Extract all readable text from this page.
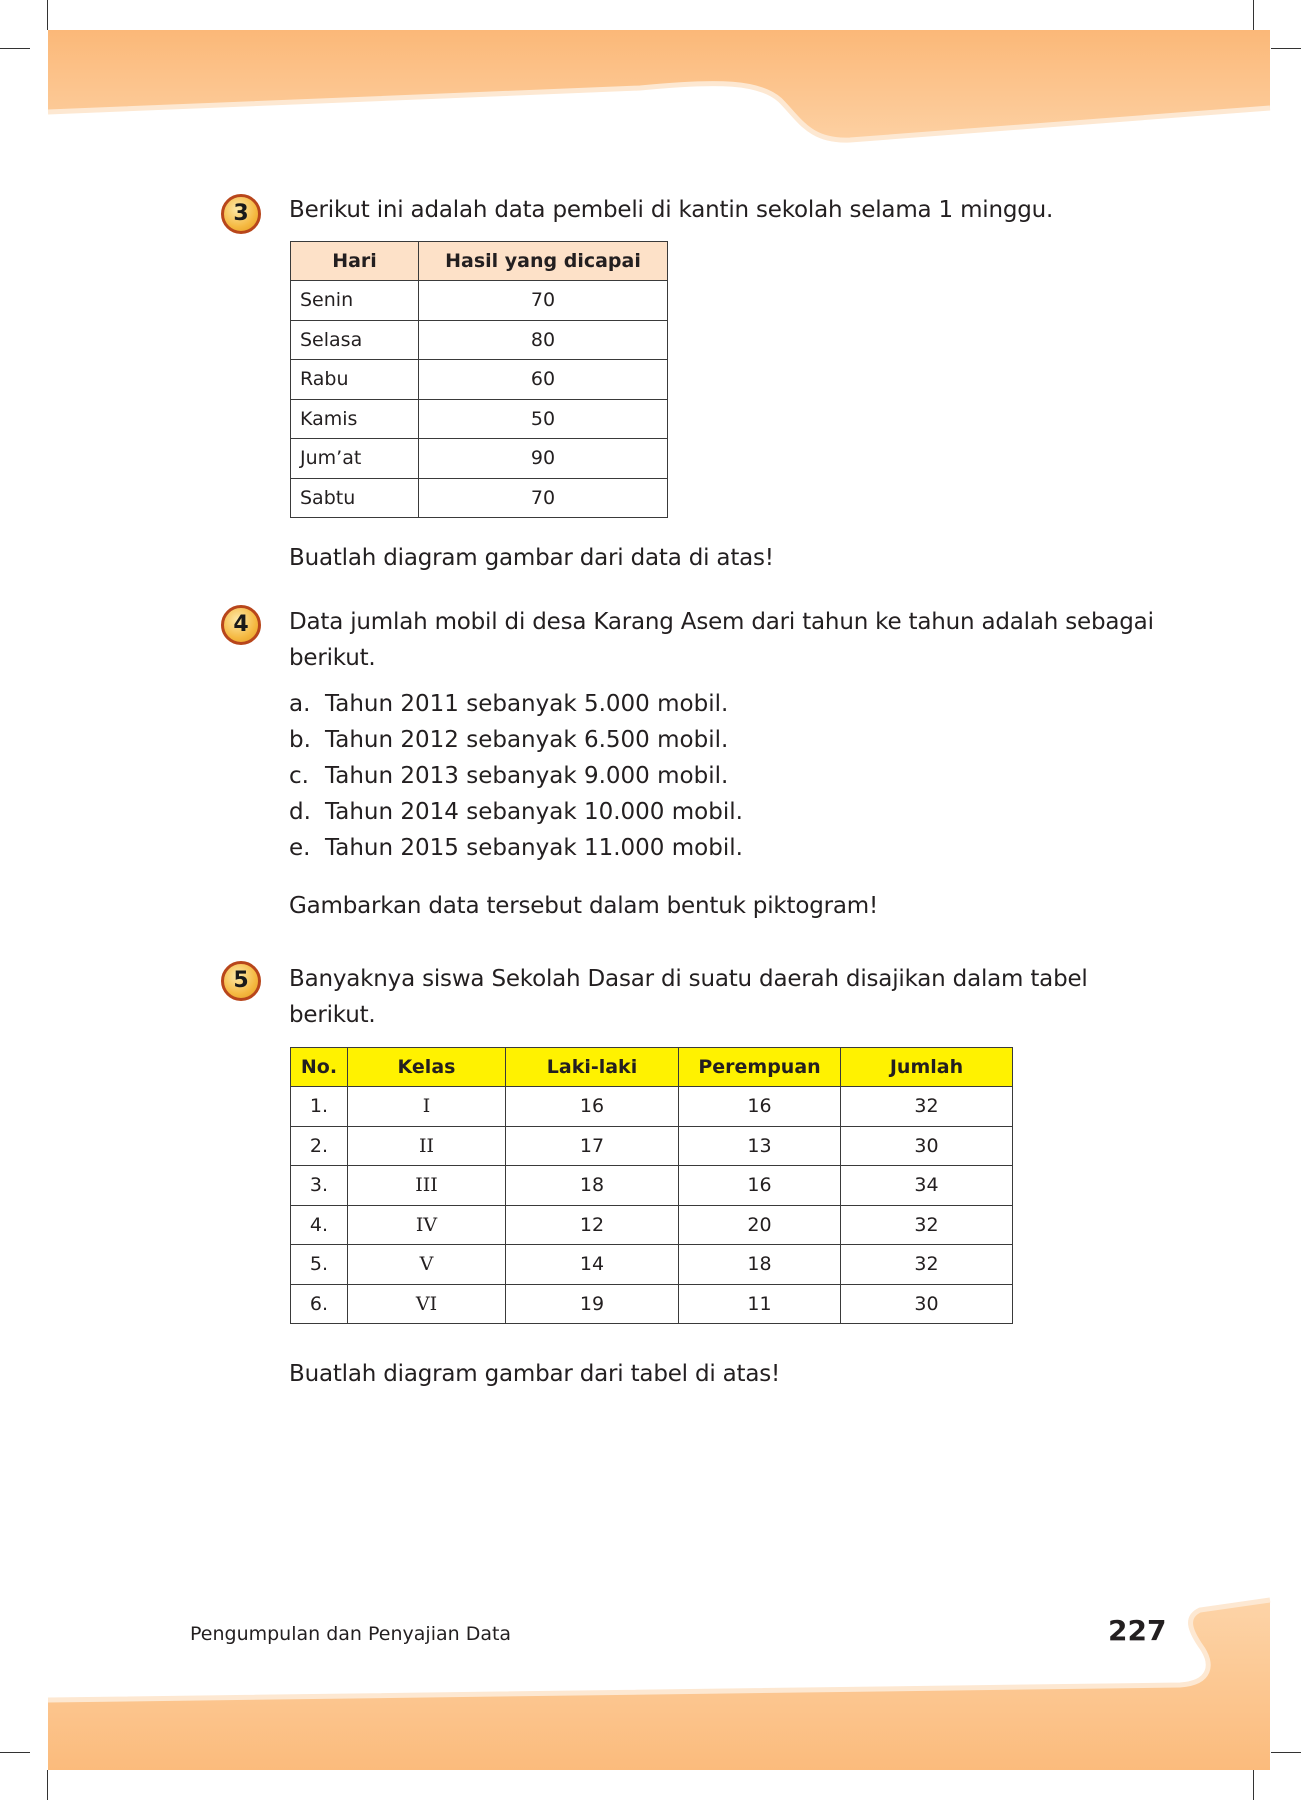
3	Berikut ini adalah data pembeli di kantin sekolah selama 1 minggu.
Hari	Hasil yang dicapai
Senin	70
Selasa	80
Rabu	60
Kamis	50
Jum’at	90
Sabtu	70
Buatlah diagram gambar dari data di atas!
4	Data jumlah mobil di desa Karang Asem dari tahun ke tahun adalah sebagai
berikut.
a. Tahun 2011 sebanyak 5.000 mobil.
b. Tahun 2012 sebanyak 6.500 mobil.
c. Tahun 2013 sebanyak 9.000 mobil.
d. Tahun 2014 sebanyak 10.000 mobil.
e. Tahun 2015 sebanyak 11.000 mobil.
Gambarkan data tersebut dalam bentuk piktogram!
5	Banyaknya siswa Sekolah Dasar di suatu daerah disajikan dalam tabel
berikut.
No.	Kelas	Laki-laki	Perempuan	Jumlah
1.	I	16	16	32
2.	II	17	13	30
3.	III	18	16	34
4.	IV	12	20	32
5.	V	14	18	32
6.	VI	19	11	30
Buatlah diagram gambar dari tabel di atas!
Pengumpulan dan Penyajian Data	227
